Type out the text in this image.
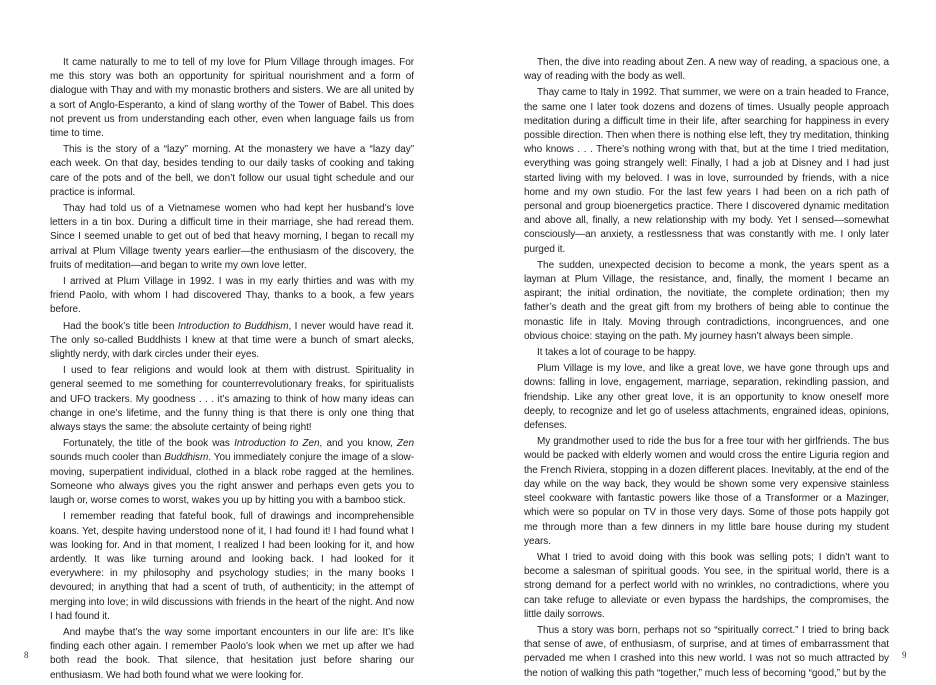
It came naturally to me to tell of my love for Plum Village through images. For me this story was both an opportunity for spiritual nourishment and a form of dialogue with Thay and with my monastic brothers and sisters. We are all united by a sort of Anglo-Esperanto, a kind of slang worthy of the Tower of Babel. This does not prevent us from understanding each other, even when language fails us from time to time.

This is the story of a “lazy” morning. At the monastery we have a “lazy day” each week. On that day, besides tending to our daily tasks of cooking and taking care of the pots and of the bell, we don’t follow our usual tight schedule and our practice is informal.

Thay had told us of a Vietnamese women who had kept her husband’s love letters in a tin box. During a difficult time in their marriage, she had reread them. Since I seemed unable to get out of bed that heavy morning, I began to recall my arrival at Plum Village twenty years earlier—the enthusiasm of the discovery, the fruits of meditation—and began to write my own love letter.

I arrived at Plum Village in 1992. I was in my early thirties and was with my friend Paolo, with whom I had discovered Thay, thanks to a book, a few years before.

Had the book’s title been Introduction to Buddhism, I never would have read it. The only so-called Buddhists I knew at that time were a bunch of smart alecks, slightly nerdy, with dark circles under their eyes.

I used to fear religions and would look at them with distrust. Spirituality in general seemed to me something for counterrevolutionary freaks, for spiritualists and UFO trackers. My goodness . . . it’s amazing to think of how many ideas can change in one’s lifetime, and the funny thing is that there is only one thing that always stays the same: the absolute certainty of being right!

Fortunately, the title of the book was Introduction to Zen, and you know, Zen sounds much cooler than Buddhism. You immediately conjure the image of a slow-moving, superpatient individual, clothed in a black robe ragged at the hemlines. Someone who always gives you the right answer and perhaps even gets you to laugh or, worse comes to worst, wakes you up by hitting you with a bamboo stick.

I remember reading that fateful book, full of drawings and incomprehensible koans. Yet, despite having understood none of it, I had found it! I had found what I was looking for. And in that moment, I realized I had been looking for it, and how ardently. It was like turning around and looking back. I had looked for it everywhere: in my philosophy and psychology studies; in the many books I devoured; in anything that had a scent of truth, of authenticity; in the attempt of merging into love; in wild discussions with friends in the heart of the night. And now I had found it.

And maybe that’s the way some important encounters in our life are: It’s like finding each other again. I remember Paolo’s look when we met up after we had both read the book. That silence, that hesitation just before sharing our enthusiasm. We had both found what we were looking for.

Then, the dive into reading about Zen. A new way of reading, a spacious one, a way of reading with the body as well.

Thay came to Italy in 1992. That summer, we were on a train headed to France, the same one I later took dozens and dozens of times. Usually people approach meditation during a difficult time in their life, after searching for happiness in every possible direction. Then when there is nothing else left, they try meditation, thinking who knows . . . There’s nothing wrong with that, but at the time I tried meditation, everything was going strangely well: Finally, I had a job at Disney and I had just started living with my beloved. I was in love, surrounded by friends, with a nice home and my own studio. For the last few years I had been on a rich path of personal and group bioenergetics practice. There I discovered dynamic meditation and above all, finally, a new relationship with my body. Yet I sensed—somewhat consciously—an anxiety, a restlessness that was constantly with me. I only later purged it.

The sudden, unexpected decision to become a monk, the years spent as a layman at Plum Village, the resistance, and, finally, the moment I became an aspirant; the initial ordination, the novitiate, the complete ordination; then my father’s death and the great gift from my brothers of being able to continue the monastic life in Italy. Moving through contradictions, incongruences, and one obvious choice: staying on the path. My journey hasn’t always been simple.

It takes a lot of courage to be happy.

Plum Village is my love, and like a great love, we have gone through ups and downs: falling in love, engagement, marriage, separation, rekindling passion, and friendship. Like any other great love, it is an opportunity to know oneself more deeply, to recognize and let go of useless attachments, engrained ideas, opinions, defenses.

My grandmother used to ride the bus for a free tour with her girlfriends. The bus would be packed with elderly women and would cross the entire Liguria region and the French Riviera, stopping in a dozen different places. Inevitably, at the end of the day while on the way back, they would be shown some very expensive stainless steel cookware with fantastic powers like those of a Transformer or a Mazinger, which were so popular on TV in those very days. Some of those pots happily got me through more than a few dinners in my little bare house during my student years.

What I tried to avoid doing with this book was selling pots; I didn’t want to become a salesman of spiritual goods. You see, in the spiritual world, there is a strong demand for a perfect world with no wrinkles, no contradictions, where you can take refuge to alleviate or even bypass the hardships, the compromises, the little daily sorrows.

Thus a story was born, perhaps not so “spiritually correct.” I tried to bring back that sense of awe, of enthusiasm, of surprise, and at times of embarrassment that pervaded me when I crashed into this new world. I was not so much attracted by the notion of walking this path “together,” much less of becoming “good,” but by the

8	9
